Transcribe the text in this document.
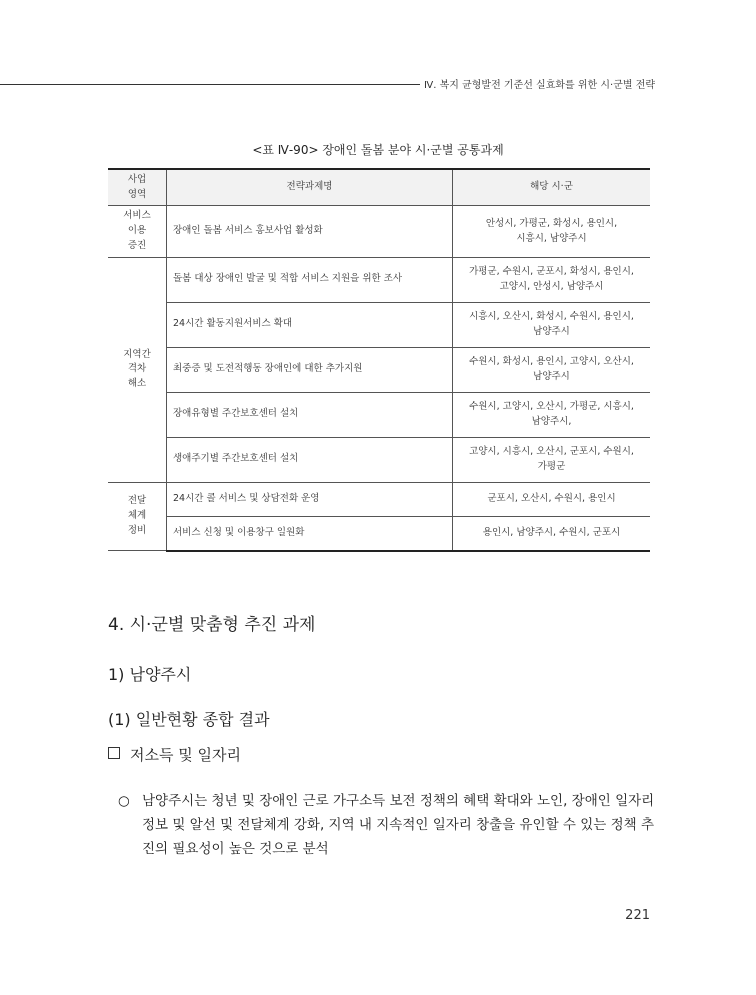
Ⅳ. 복지 균형발전 기준선 실효화를 위한 시·군별 전략
<표 Ⅳ-90> 장애인 돌봄 분야 시·군별 공통과제
사업
영역	전략과제명	해당 시·군
서비스
이용
증진	장애인 돌봄 서비스 홍보사업 활성화	안성시, 가평군, 화성시, 용인시,
시흥시, 남양주시
지역간
격차
해소	돌봄 대상 장애인 발굴 및 적합 서비스 지원을 위한 조사	가평군, 수원시, 군포시, 화성시, 용인시,
고양시, 안성시, 남양주시
	24시간 활동지원서비스 확대	시흥시, 오산시, 화성시, 수원시, 용인시,
남양주시
	최중증 및 도전적행동 장애인에 대한 추가지원	수원시, 화성시, 용인시, 고양시, 오산시,
남양주시
	장애유형별 주간보호센터 설치	수원시, 고양시, 오산시, 가평군, 시흥시,
남양주시,
	생애주기별 주간보호센터 설치	고양시, 시흥시, 오산시, 군포시, 수원시,
가평군
전달
체계
정비	24시간 콜 서비스 및 상담전화 운영	군포시, 오산시, 수원시, 용인시
	서비스 신청 및 이용창구 일원화	용인시, 남양주시, 수원시, 군포시
4. 시·군별 맞춤형 추진 과제
1) 남양주시
(1) 일반현황 종합 결과
저소득 및 일자리
○ 남양주시는 청년 및 장애인 근로 가구소득 보전 정책의 혜택 확대와 노인, 장애인 일자리 정보 및 알선 및 전달체계 강화, 지역 내 지속적인 일자리 창출을 유인할 수 있는 정책 추진의 필요성이 높은 것으로 분석
221
